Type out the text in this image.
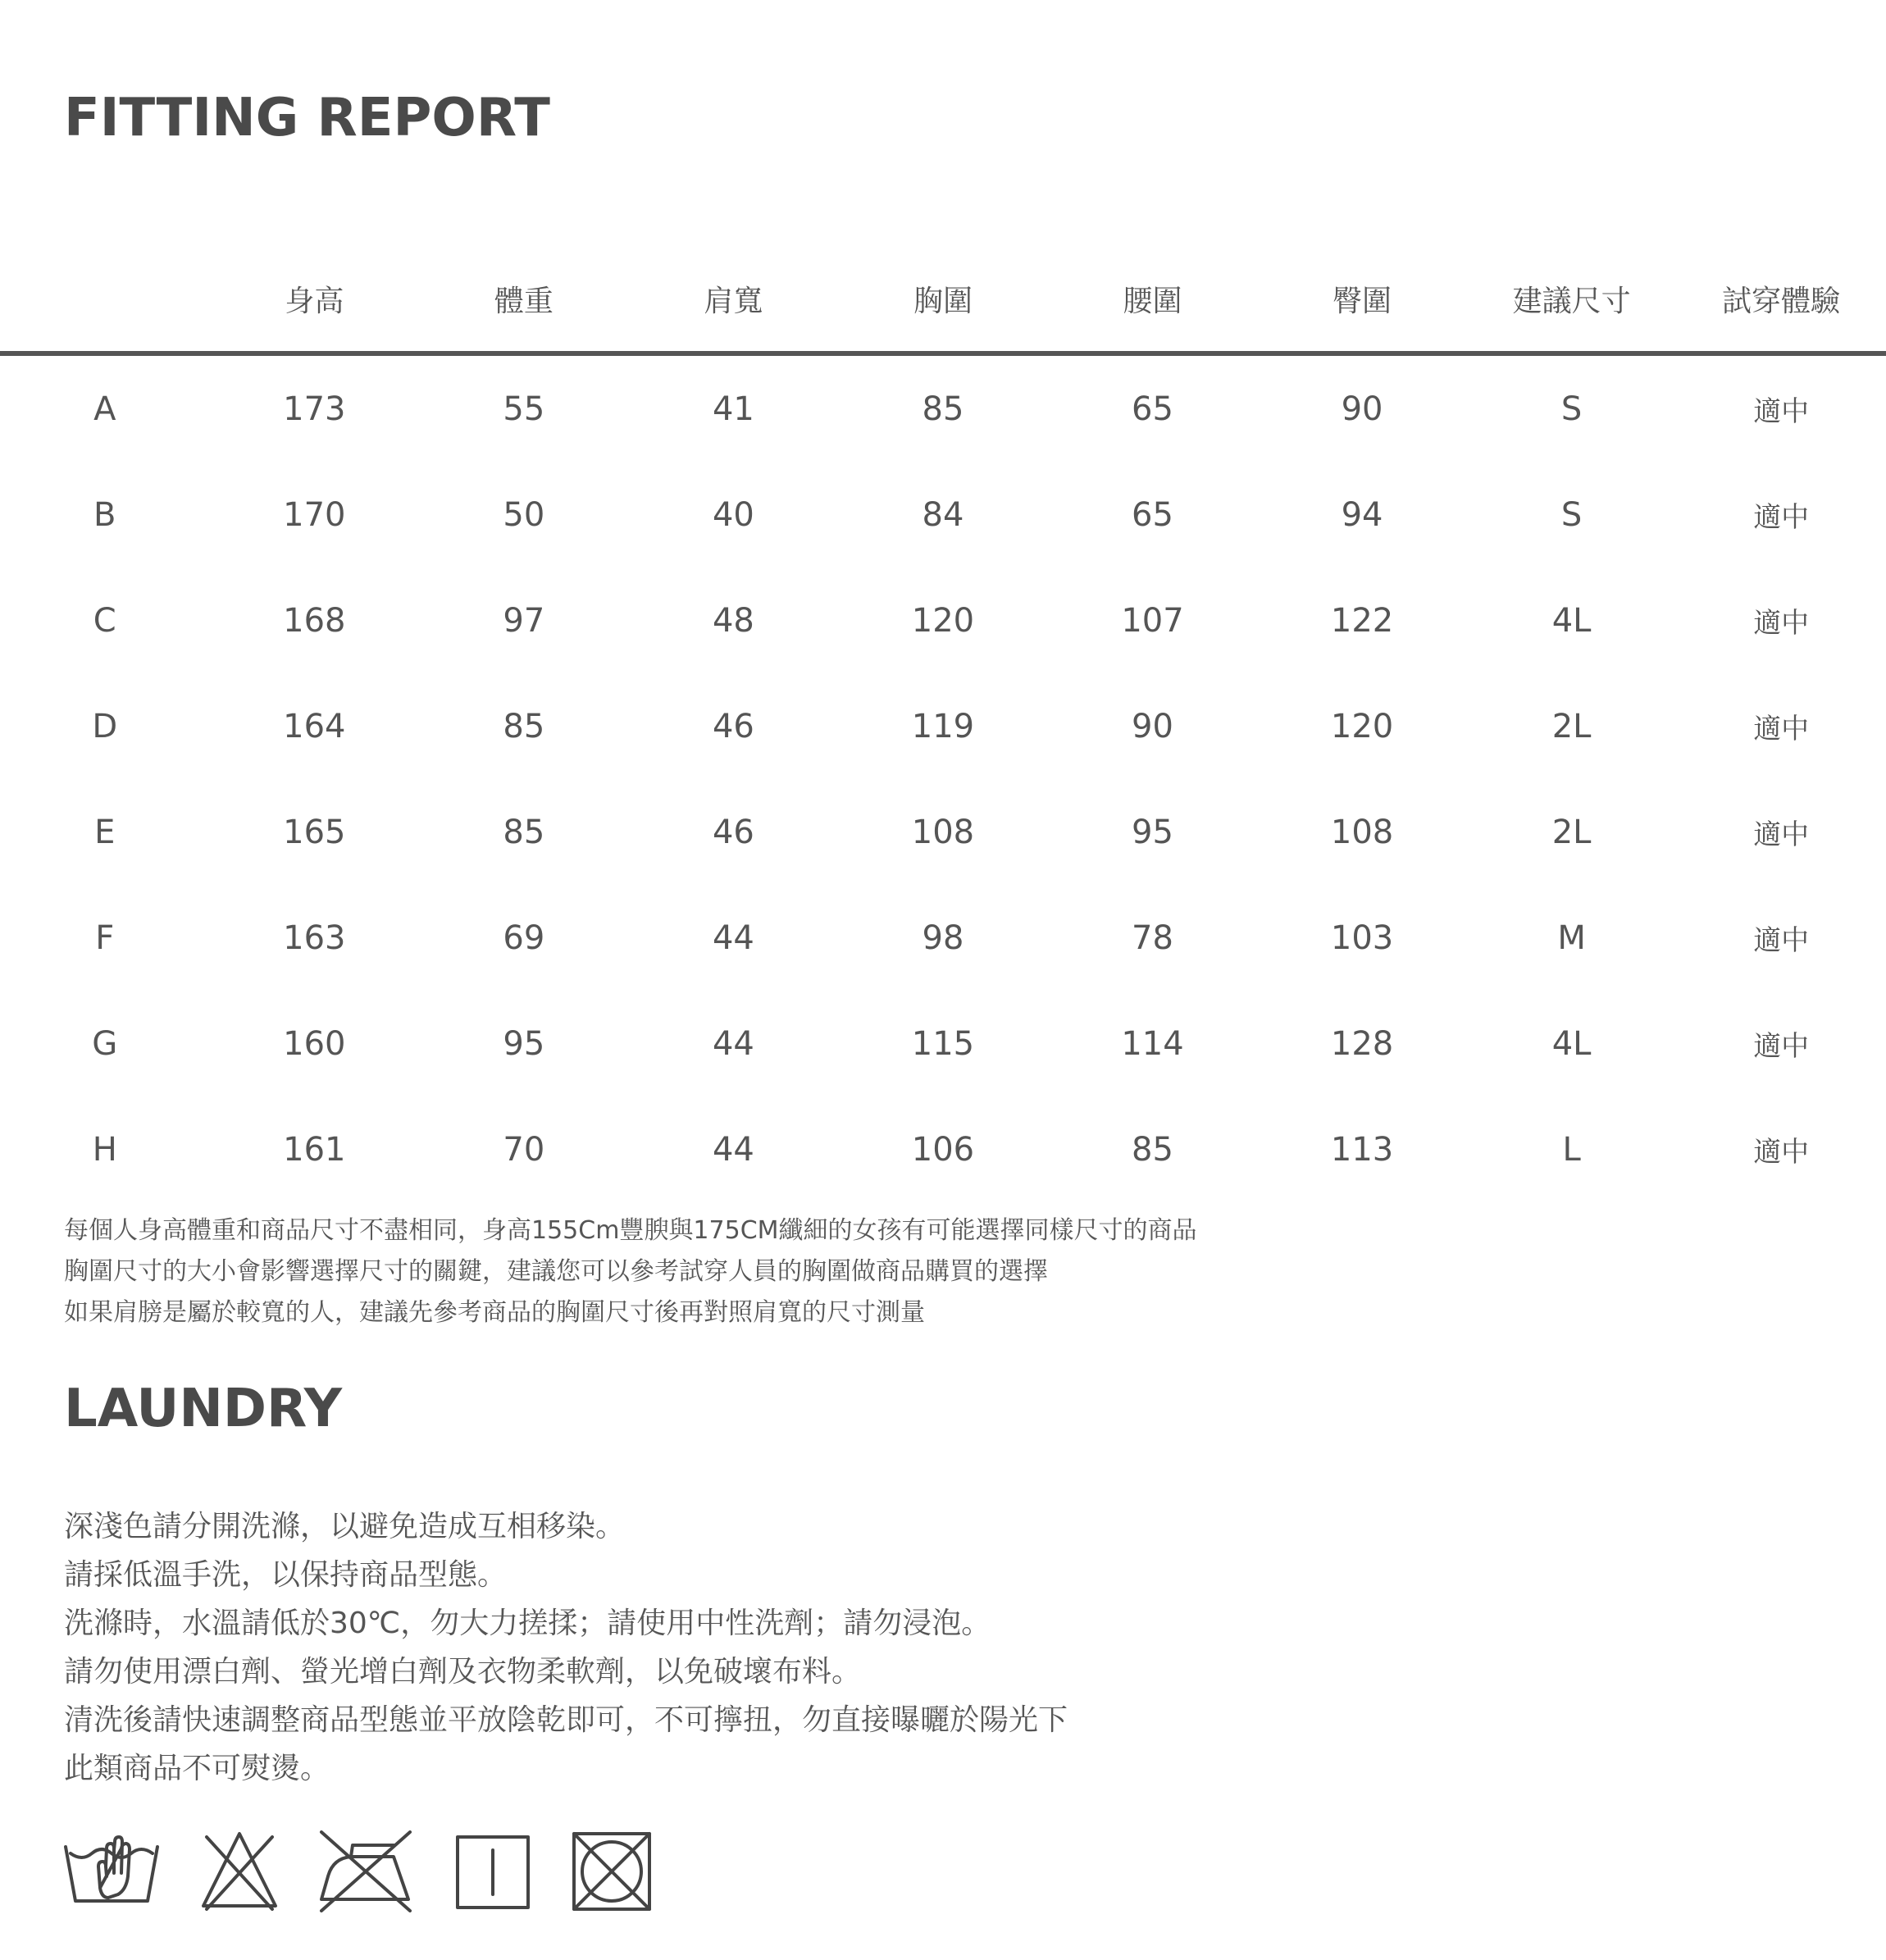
FITTING REPORT
	身高	體重	肩寬	胸圍	腰圍	臀圍	建議尺寸	試穿體驗
A	173	55	41	85	65	90	S	適中
B	170	50	40	84	65	94	S	適中
C	168	97	48	120	107	122	4L	適中
D	164	85	46	119	90	120	2L	適中
E	165	85	46	108	95	108	2L	適中
F	163	69	44	98	78	103	M	適中
G	160	95	44	115	114	128	4L	適中
H	161	70	44	106	85	113	L	適中
每個人身高體重和商品尺寸不盡相同，身高155Cm豐腴與175CM纖細的女孩有可能選擇同樣尺寸的商品
胸圍尺寸的大小會影響選擇尺寸的關鍵，建議您可以參考試穿人員的胸圍做商品購買的選擇
如果肩膀是屬於較寬的人，建議先參考商品的胸圍尺寸後再對照肩寬的尺寸測量
LAUNDRY
深淺色請分開洗滌，以避免造成互相移染。
請採低溫手洗，以保持商品型態。
洗滌時，水溫請低於30℃，勿大力搓揉；請使用中性洗劑；請勿浸泡。
請勿使用漂白劑、螢光增白劑及衣物柔軟劑，以免破壞布料。
清洗後請快速調整商品型態並平放陰乾即可，不可擰扭，勿直接曝曬於陽光下
此類商品不可熨燙。
